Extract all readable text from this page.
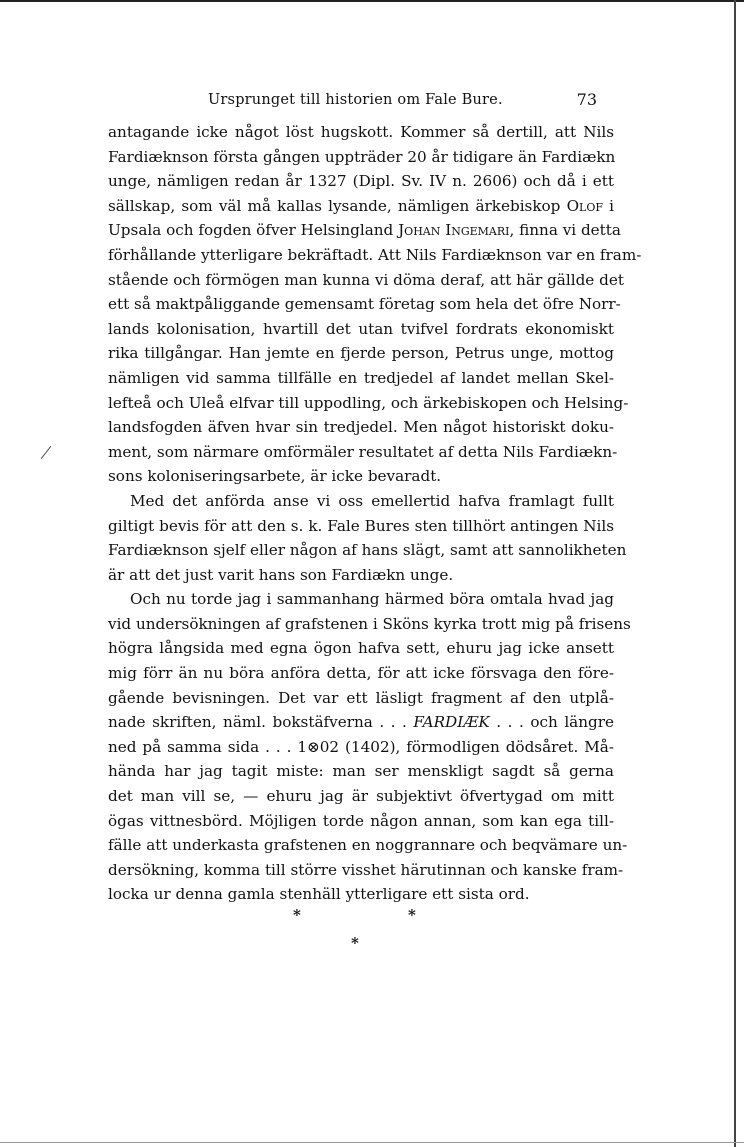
Ursprunget till historien om Fale Bure.	73
antagande icke något löst hugskott. Kommer så dertill, att Nils
Fardiæknson första gången uppträder 20 år tidigare än Fardiækn
unge, nämligen redan år 1327 (Dipl. Sv. IV n. 2606) och då i ett
sällskap, som väl må kallas lysande, nämligen ärkebiskop Olof i
Upsala och fogden öfver Helsingland Johan Ingemari, finna vi detta
förhållande ytterligare bekräftadt. Att Nils Fardiæknson var en fram-
stående och förmögen man kunna vi döma deraf, att här gällde det
ett så maktpåliggande gemensamt företag som hela det öfre Norr-
lands kolonisation, hvartill det utan tvifvel fordrats ekonomiskt
rika tillgångar. Han jemte en fjerde person, Petrus unge, mottog
nämligen vid samma tillfälle en tredjedel af landet mellan Skel-
lefteå och Uleå elfvar till uppodling, och ärkebiskopen och Helsing-
landsfogden äfven hvar sin tredjedel. Men något historiskt doku-
ment, som närmare omförmäler resultatet af detta Nils Fardiækn-
sons koloniseringsarbete, är icke bevaradt.
Med det anförda anse vi oss emellertid hafva framlagt fullt
giltigt bevis för att den s. k. Fale Bures sten tillhört antingen Nils
Fardiæknson sjelf eller någon af hans slägt, samt att sannolikheten
är att det just varit hans son Fardiækn unge.
Och nu torde jag i sammanhang härmed böra omtala hvad jag
vid undersökningen af grafstenen i Sköns kyrka trott mig på frisens
högra långsida med egna ögon hafva sett, ehuru jag icke ansett
mig förr än nu böra anföra detta, för att icke försvaga den före-
gående bevisningen. Det var ett läsligt fragment af den utplå-
nade skriften, näml. bokstäfverna . . . FARDIÆK . . . och längre
ned på samma sida . . . 1⊗02 (1402), förmodligen dödsåret. Må-
hända har jag tagit miste: man ser menskligt sagdt så gerna
det man vill se, — ehuru jag är subjektivt öfvertygad om mitt
ögas vittnesbörd. Möjligen torde någon annan, som kan ega till-
fälle att underkasta grafstenen en noggrannare och beqvämare un-
dersökning, komma till större visshet härutinnan och kanske fram-
locka ur denna gamla stenhäll ytterligare ett sista ord.
*	*
*
